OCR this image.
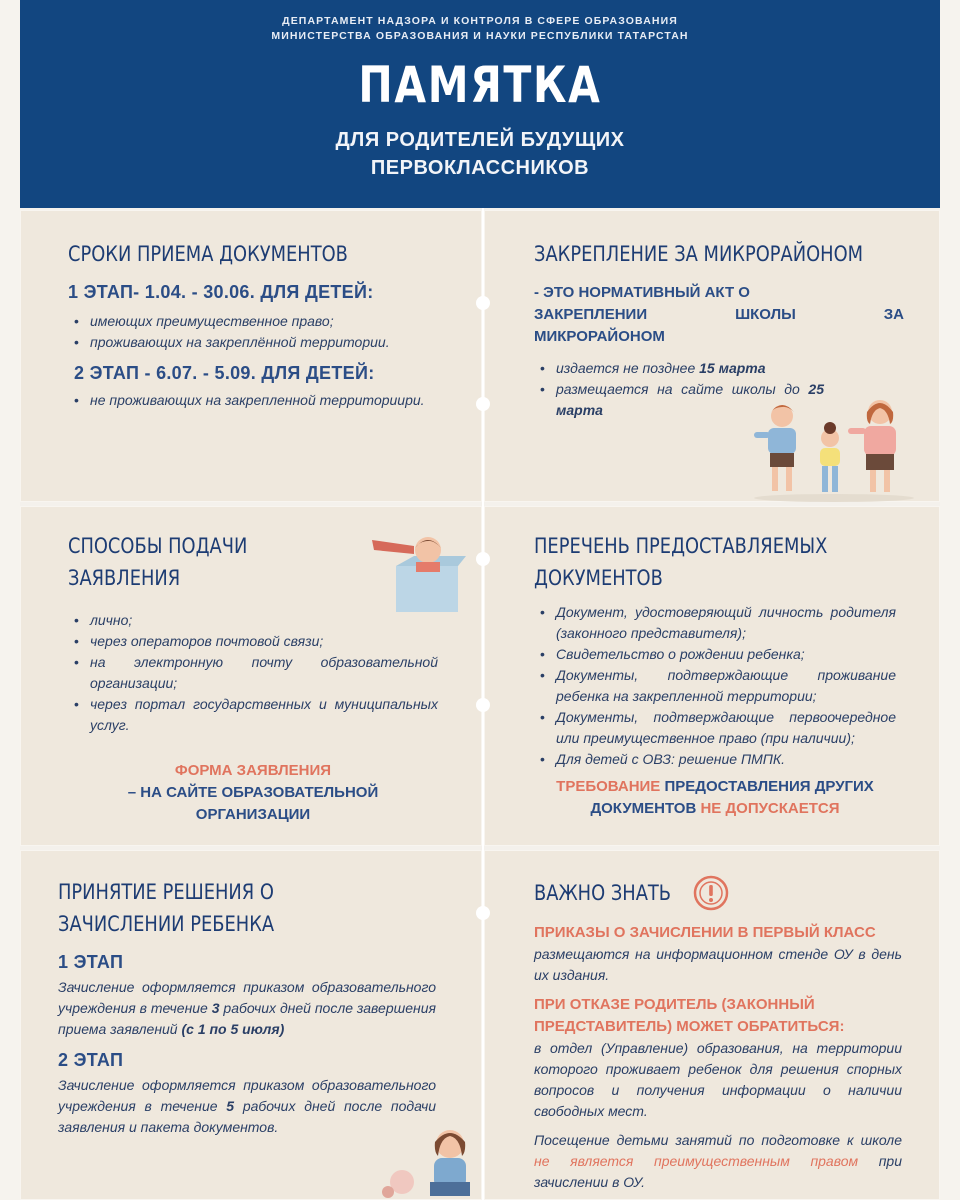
ДЕПАРТАМЕНТ НАДЗОРА И КОНТРОЛЯ В СФЕРЕ ОБРАЗОВАНИЯ
МИНИСТЕРСТВА ОБРАЗОВАНИЯ И НАУКИ РЕСПУБЛИКИ ТАТАРСТАН
ПАМЯТКА
ДЛЯ РОДИТЕЛЕЙ БУДУЩИХ
ПЕРВОКЛАССНИКОВ
СРОКИ ПРИЕМА ДОКУМЕНТОВ
1 ЭТАП- 1.04. - 30.06. ДЛЯ ДЕТЕЙ:
• имеющих преимущественное право;
• проживающих на закреплённой территории.
2 ЭТАП - 6.07. - 5.09. ДЛЯ ДЕТЕЙ:
• не проживающих на закрепленной территориири.
ЗАКРЕПЛЕНИЕ ЗА МИКРОРАЙОНОМ
- ЭТО НОРМАТИВНЫЙ АКТ О
ЗАКРЕПЛЕНИИ	ШКОЛЫ	ЗА
МИКРОРАЙОНОМ
• издается не позднее 15 марта
• размещается на сайте школы до 25 марта
СПОСОБЫ ПОДАЧИ
ЗАЯВЛЕНИЯ
• лично;
• через операторов почтовой связи;
• на электронную почту образовательной организации;
• через портал государственных и муниципальных услуг.
ФОРМА ЗАЯВЛЕНИЯ
– НА САЙТЕ ОБРАЗОВАТЕЛЬНОЙ
ОРГАНИЗАЦИИ
ПЕРЕЧЕНЬ ПРЕДОСТАВЛЯЕМЫХ
ДОКУМЕНТОВ
• Документ, удостоверяющий личность родителя (законного представителя);
• Свидетельство о рождении ребенка;
• Документы, подтверждающие проживание ребенка на закрепленной территории;
• Документы, подтверждающие первоочередное или преимущественное право (при наличии);
• Для детей с ОВЗ: решение ПМПК.
ТРЕБОВАНИЕ ПРЕДОСТАВЛЕНИЯ ДРУГИХ
ДОКУМЕНТОВ НЕ ДОПУСКАЕТСЯ
ПРИНЯТИЕ РЕШЕНИЯ О
ЗАЧИСЛЕНИИ РЕБЕНКА
1 ЭТАП
Зачисление оформляется приказом образовательного учреждения в течение 3 рабочих дней после завершения приема заявлений (с 1 по 5 июля)
2 ЭТАП
Зачисление оформляется приказом образовательного учреждения в течение 5 рабочих дней после подачи заявления и пакета документов.
ВАЖНО ЗНАТЬ
ПРИКАЗЫ О ЗАЧИСЛЕНИИ В ПЕРВЫЙ КЛАСС
размещаются на информационном стенде ОУ в день их издания.
ПРИ ОТКАЗЕ РОДИТЕЛЬ (ЗАКОННЫЙ ПРЕДСТАВИТЕЛЬ) МОЖЕТ ОБРАТИТЬСЯ:
в отдел (Управление) образования, на территории которого проживает ребенок для решения спорных вопросов и получения информации о наличии свободных мест.
Посещение детьми занятий по подготовке к школе не является преимущественным правом при зачислении в ОУ.
